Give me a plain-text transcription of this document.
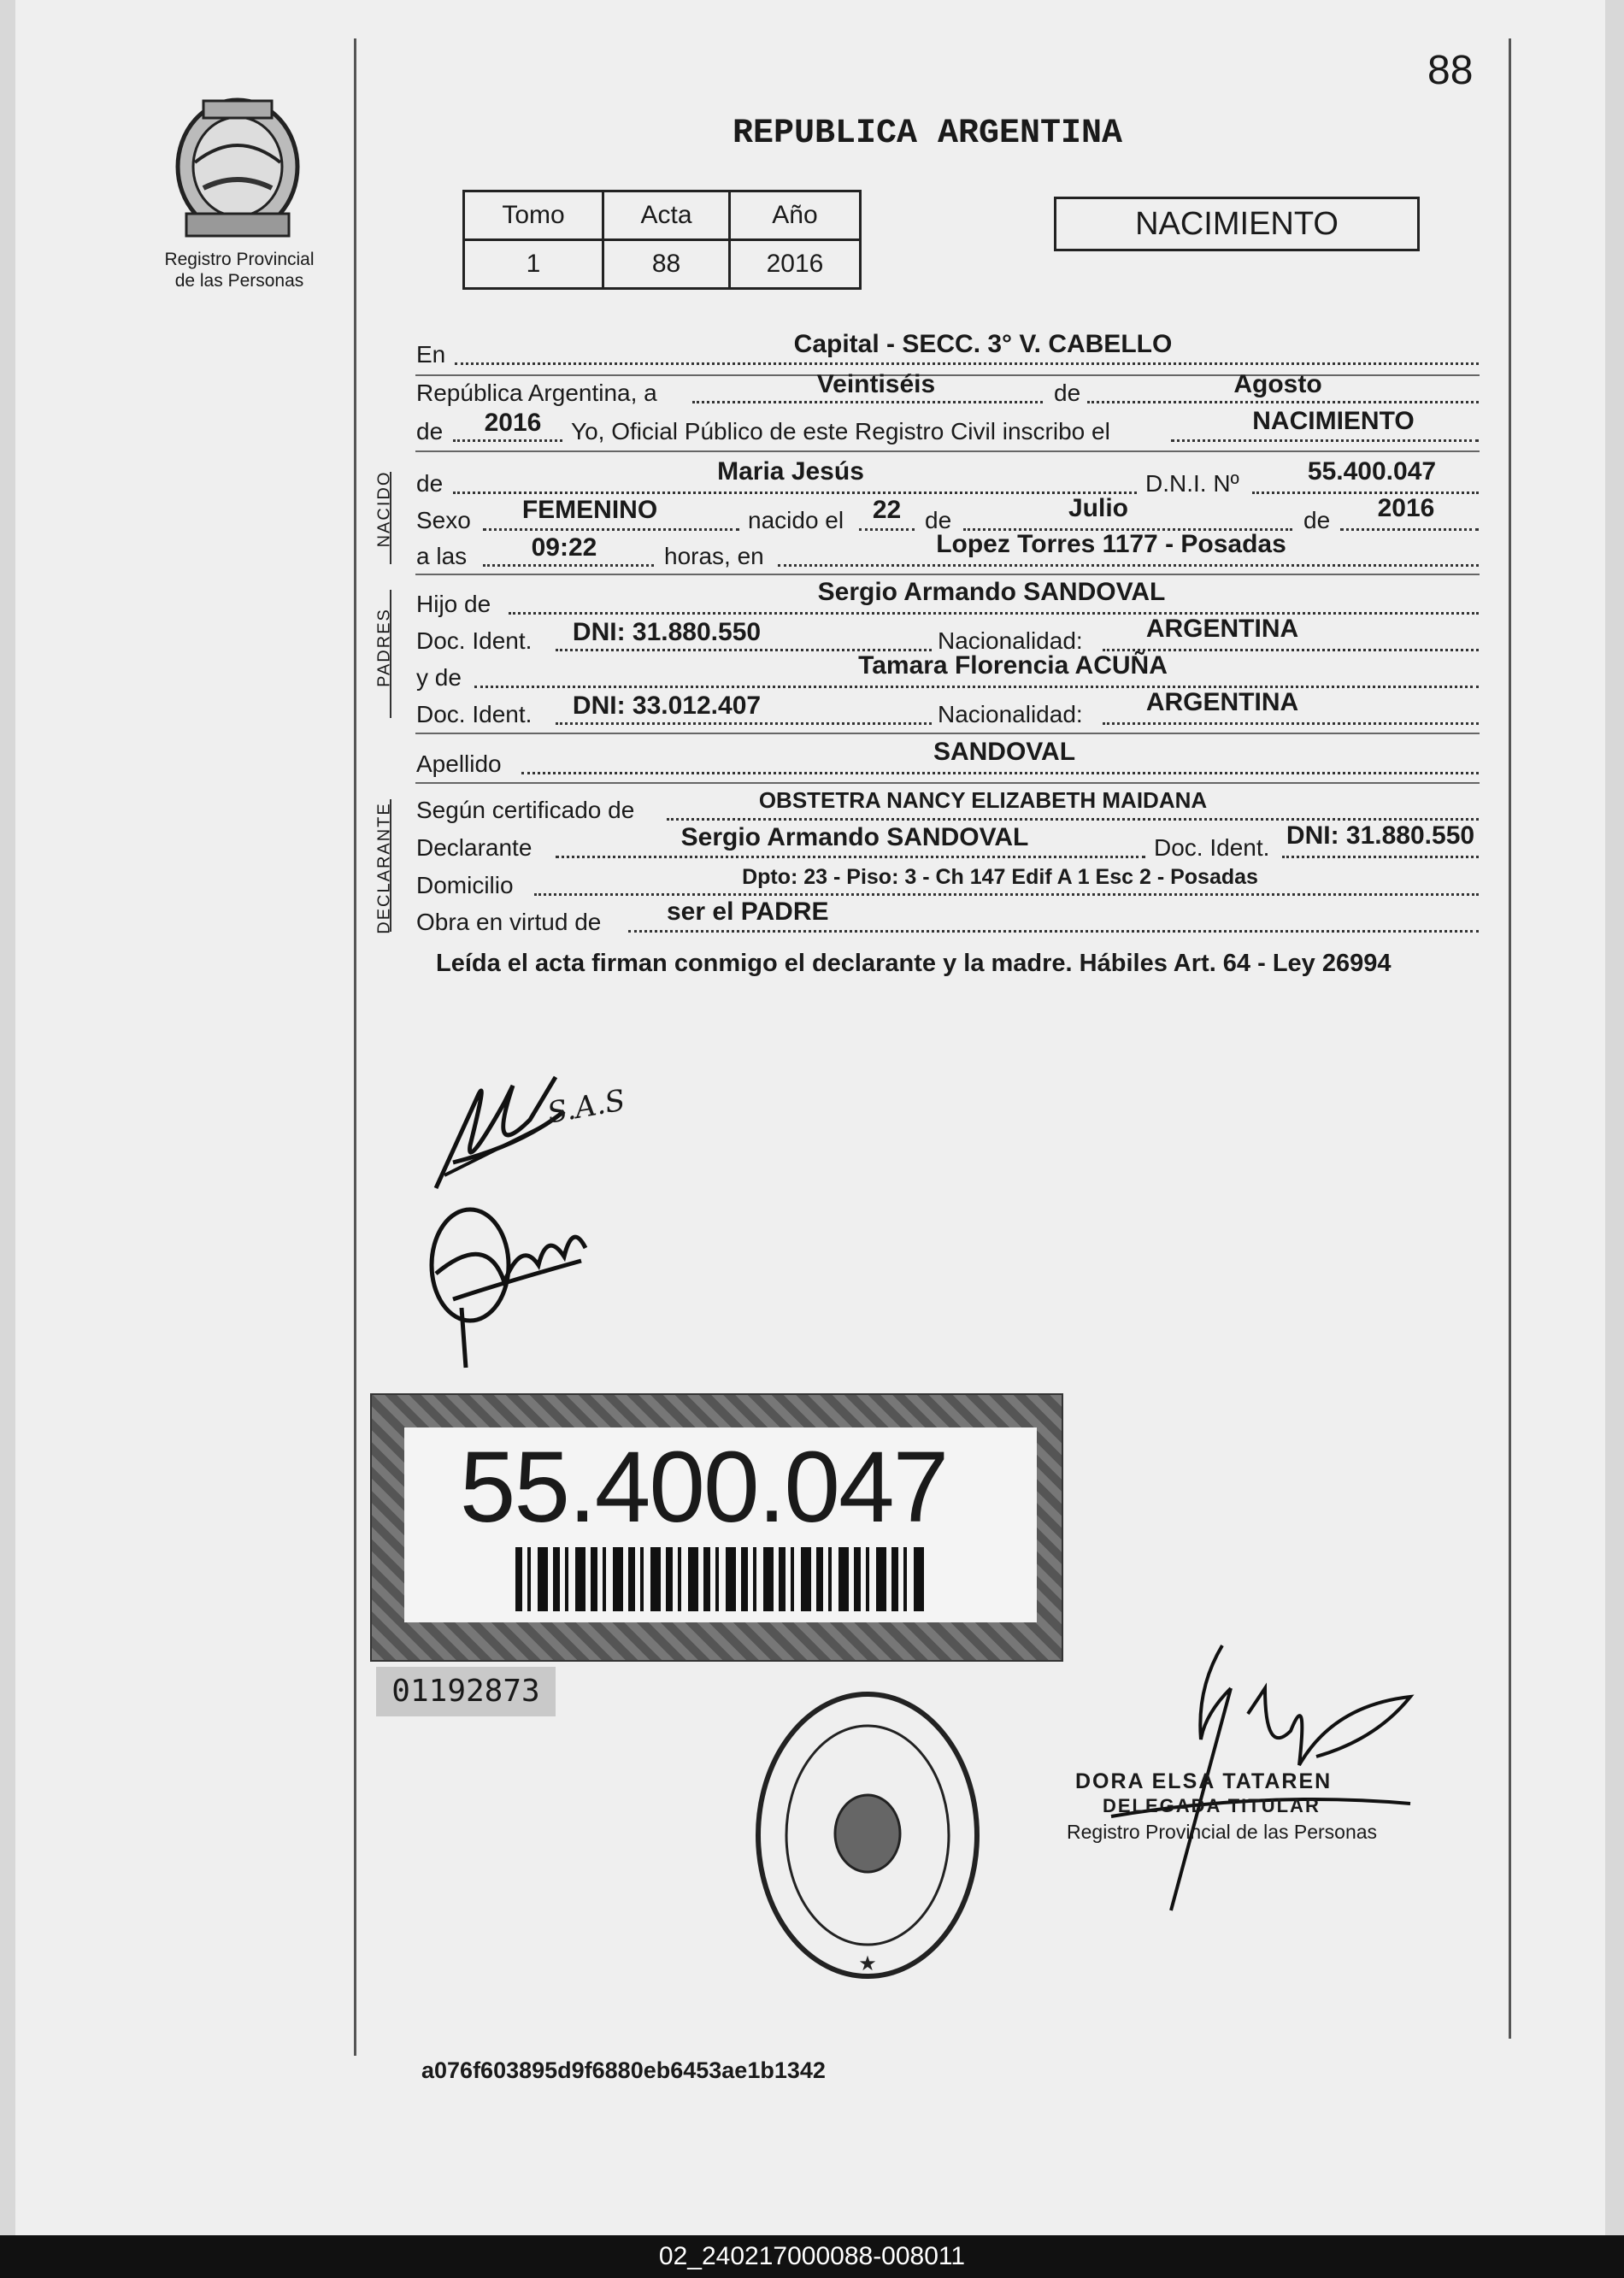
88
Registro Provincial
de las Personas
REPUBLICA ARGENTINA
Tomo	Acta	Año
1	88	2016
NACIMIENTO
En	Capital - SECC. 3° V. CABELLO
República Argentina, a	Veintiséis	de	Agosto
de	2016	Yo, Oficial Público de este Registro Civil inscribo el	NACIMIENTO
NACIDO de	Maria Jesús	D.N.I. Nº	55.400.047
Sexo	FEMENINO	nacido el	22 de	Julio	de	2016
a las	09:22	horas, en	Lopez Torres 1177 - Posadas
PADRES
Hijo de	Sergio Armando SANDOVAL
Doc. Ident.	DNI: 31.880.550	Nacionalidad:	ARGENTINA
y de	Tamara Florencia ACUÑA
Doc. Ident.	DNI: 33.012.407	Nacionalidad:	ARGENTINA
Apellido	SANDOVAL
DECLARANTE Según certificado de	OBSTETRA NANCY ELIZABETH MAIDANA
Declarante	Sergio Armando SANDOVAL	Doc. Ident. DNI: 31.880.550
Domicilio	Dpto: 23 - Piso: 3 - Ch 147 Edif A 1 Esc 2 - Posadas
Obra en virtud de	ser el PADRE
Leída el acta firman conmigo el declarante y la madre. Hábiles Art. 64 - Ley 26994
S.A.S
55.400.047
01192873
★
DORA ELSA TATAREN
DELEGADA TITULAR
Registro Provincial de las Personas
a076f603895d9f6880eb6453ae1b1342
02_240217000088-008011
